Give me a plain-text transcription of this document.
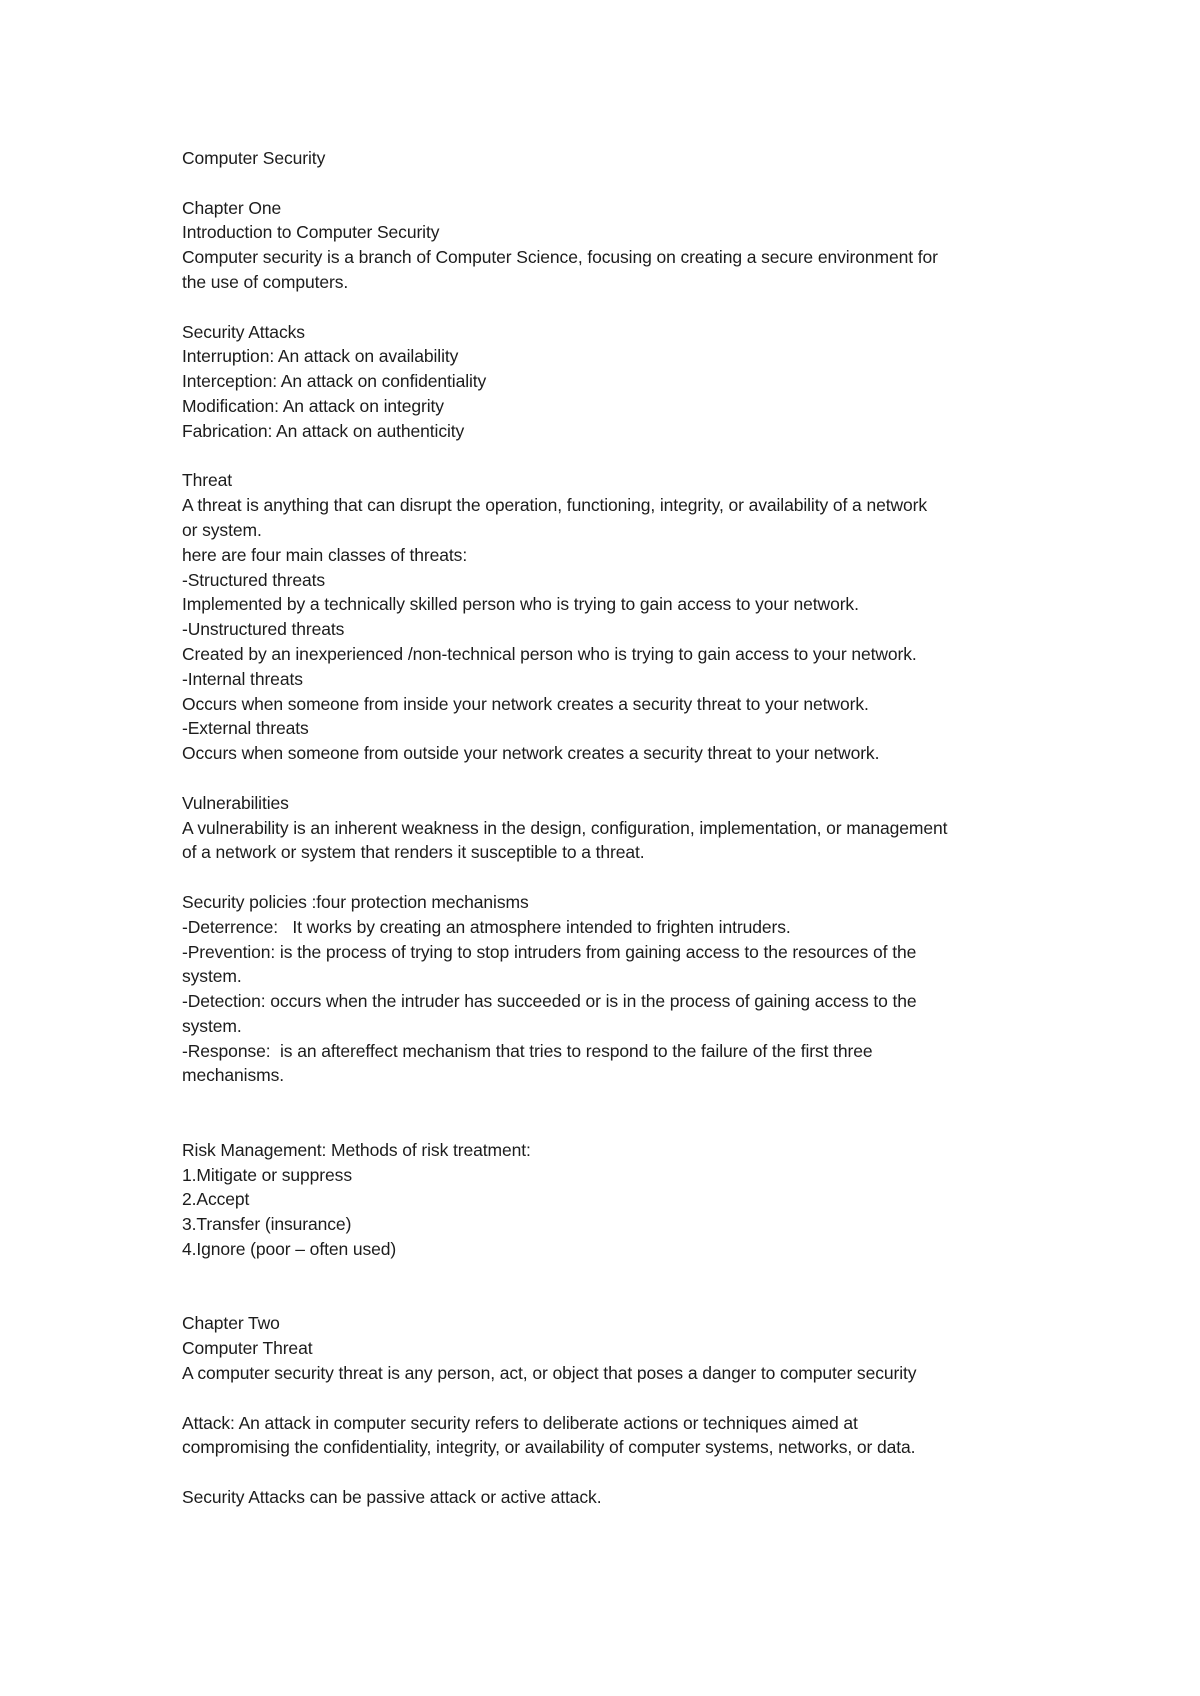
Computer Security
Chapter One
Introduction to Computer Security
Computer security is a branch of Computer Science, focusing on creating a secure environment for
the use of computers.
Security Attacks
Interruption: An attack on availability
Interception: An attack on confidentiality
Modification: An attack on integrity
Fabrication: An attack on authenticity
Threat
A threat is anything that can disrupt the operation, functioning, integrity, or availability of a network
or system.
here are four main classes of threats:
-Structured threats
Implemented by a technically skilled person who is trying to gain access to your network.
-Unstructured threats
Created by an inexperienced /non-technical person who is trying to gain access to your network.
-Internal threats
Occurs when someone from inside your network creates a security threat to your network.
-External threats
Occurs when someone from outside your network creates a security threat to your network.
Vulnerabilities
A vulnerability is an inherent weakness in the design, configuration, implementation, or management
of a network or system that renders it susceptible to a threat.
Security policies :four protection mechanisms
-Deterrence:   It works by creating an atmosphere intended to frighten intruders.
-Prevention: is the process of trying to stop intruders from gaining access to the resources of the
system.
-Detection: occurs when the intruder has succeeded or is in the process of gaining access to the
system.
-Response:  is an aftereffect mechanism that tries to respond to the failure of the first three
mechanisms.
Risk Management: Methods of risk treatment:
1.Mitigate or suppress
2.Accept
3.Transfer (insurance)
4.Ignore (poor – often used)
Chapter Two
Computer Threat
A computer security threat is any person, act, or object that poses a danger to computer security
Attack: An attack in computer security refers to deliberate actions or techniques aimed at
compromising the confidentiality, integrity, or availability of computer systems, networks, or data.
Security Attacks can be passive attack or active attack.
